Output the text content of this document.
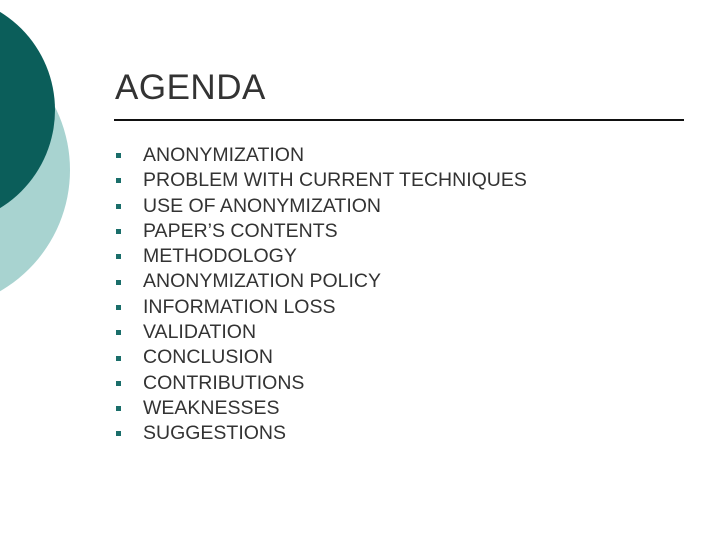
AGENDA
ANONYMIZATION
PROBLEM WITH CURRENT TECHNIQUES
USE OF ANONYMIZATION
PAPER’S CONTENTS
METHODOLOGY
ANONYMIZATION POLICY
INFORMATION LOSS
VALIDATION
CONCLUSION
CONTRIBUTIONS
WEAKNESSES
SUGGESTIONS
